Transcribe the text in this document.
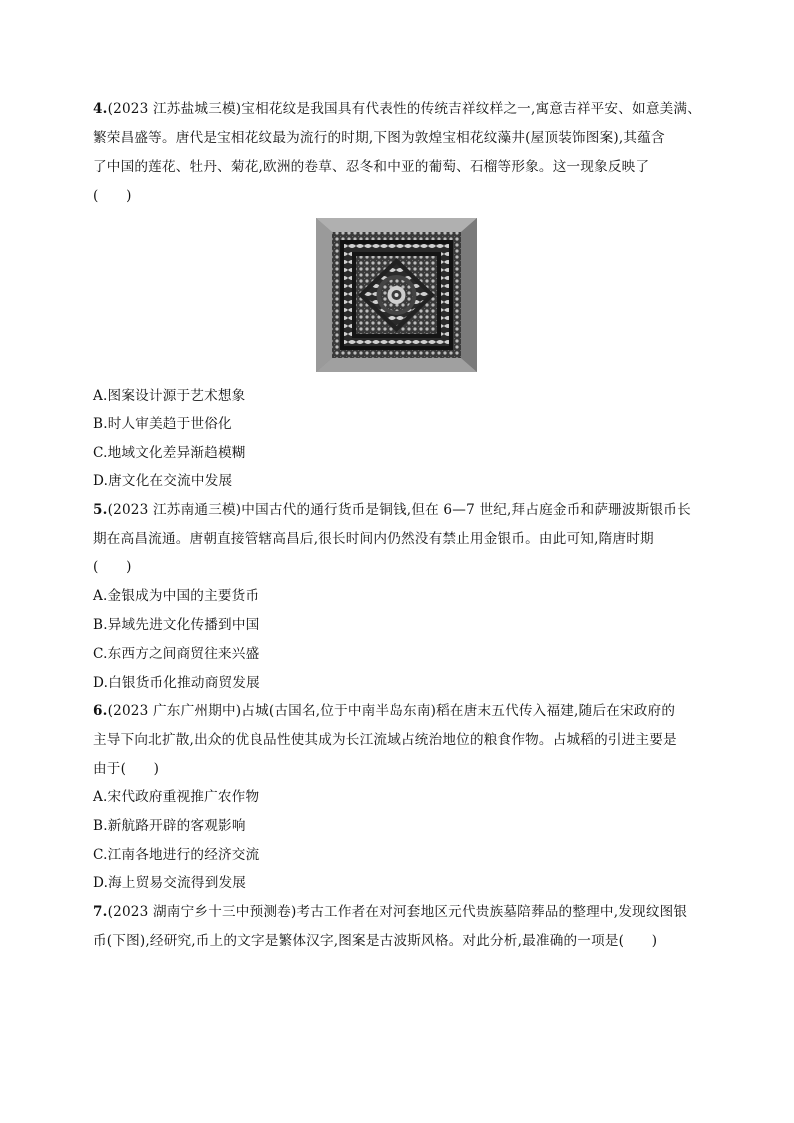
4.(2023 江苏盐城三模)宝相花纹是我国具有代表性的传统吉祥纹样之一,寓意吉祥平安、如意美满、
繁荣昌盛等。唐代是宝相花纹最为流行的时期,下图为敦煌宝相花纹藻井(屋顶装饰图案),其蕴含
了中国的莲花、牡丹、菊花,欧洲的卷草、忍冬和中亚的葡萄、石榴等形象。这一现象反映了
(　　)
A.图案设计源于艺术想象
B.时人审美趋于世俗化
C.地域文化差异渐趋模糊
D.唐文化在交流中发展
5.(2023 江苏南通三模)中国古代的通行货币是铜钱,但在 6—7 世纪,拜占庭金币和萨珊波斯银币长
期在高昌流通。唐朝直接管辖高昌后,很长时间内仍然没有禁止用金银币。由此可知,隋唐时期
(　　)
A.金银成为中国的主要货币
B.异域先进文化传播到中国
C.东西方之间商贸往来兴盛
D.白银货币化推动商贸发展
6.(2023 广东广州期中)占城(古国名,位于中南半岛东南)稻在唐末五代传入福建,随后在宋政府的
主导下向北扩散,出众的优良品性使其成为长江流域占统治地位的粮食作物。占城稻的引进主要是
由于(　　)
A.宋代政府重视推广农作物
B.新航路开辟的客观影响
C.江南各地进行的经济交流
D.海上贸易交流得到发展
7.(2023 湖南宁乡十三中预测卷)考古工作者在对河套地区元代贵族墓陪葬品的整理中,发现纹图银
币(下图),经研究,币上的文字是繁体汉字,图案是古波斯风格。对此分析,最准确的一项是(　　)
